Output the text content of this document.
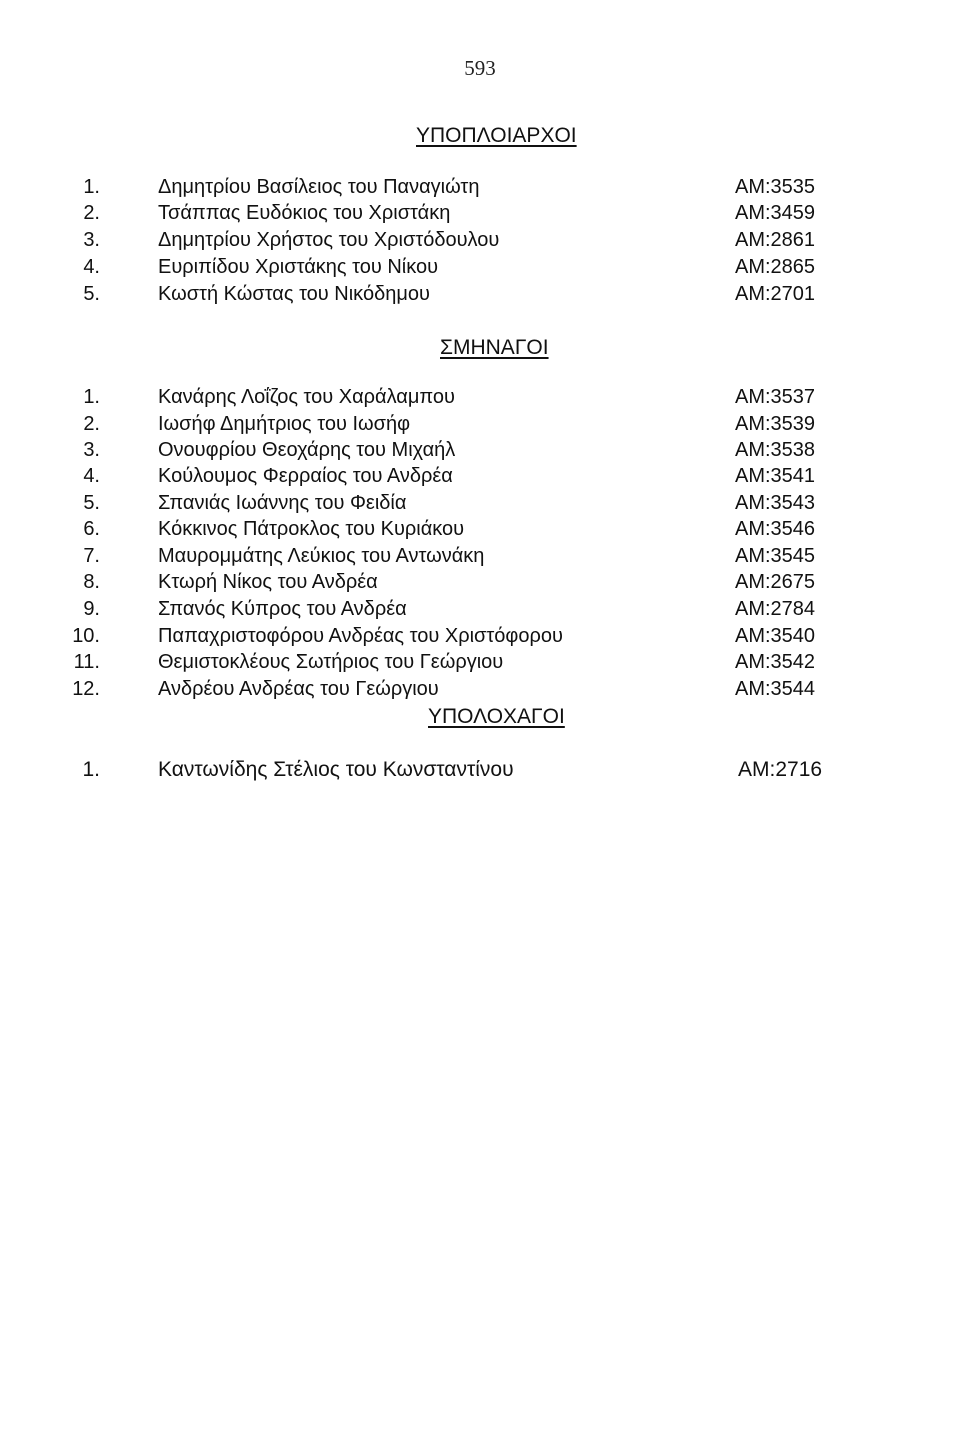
593
ΥΠΟΠΛΟΙΑΡΧΟΙ
1.	Δημητρίου Βασίλειος του Παναγιώτη	ΑΜ:3535
2.	Τσάππας Ευδόκιος του Χριστάκη	ΑΜ:3459
3.	Δημητρίου Χρήστος του Χριστόδουλου	ΑΜ:2861
4.	Ευριπίδου Χριστάκης του Νίκου	ΑΜ:2865
5.	Κωστή Κώστας του Νικόδημου	ΑΜ:2701
ΣΜΗΝΑΓΟΙ
1.	Κανάρης Λοΐζος του Χαράλαμπου	ΑΜ:3537
2.	Ιωσήφ Δημήτριος του Ιωσήφ	ΑΜ:3539
3.	Ονουφρίου Θεοχάρης του Μιχαήλ	ΑΜ:3538
4.	Κούλουμος Φερραίος του Ανδρέα	ΑΜ:3541
5.	Σπανιάς Ιωάννης του Φειδία	ΑΜ:3543
6.	Κόκκινος Πάτροκλος του Κυριάκου	ΑΜ:3546
7.	Μαυρομμάτης Λεύκιος του Αντωνάκη	ΑΜ:3545
8.	Κτωρή Νίκος του Ανδρέα	ΑΜ:2675
9.	Σπανός Κύπρος του Ανδρέα	ΑΜ:2784
10.	Παπαχριστοφόρου Ανδρέας του Χριστόφορου	ΑΜ:3540
11.	Θεμιστοκλέους Σωτήριος του Γεώργιου	ΑΜ:3542
12.	Ανδρέου Ανδρέας του Γεώργιου	ΑΜ:3544
ΥΠΟΛΟΧΑΓΟΙ
1.	Καντωνίδης Στέλιος του Κωνσταντίνου	ΑΜ:2716
